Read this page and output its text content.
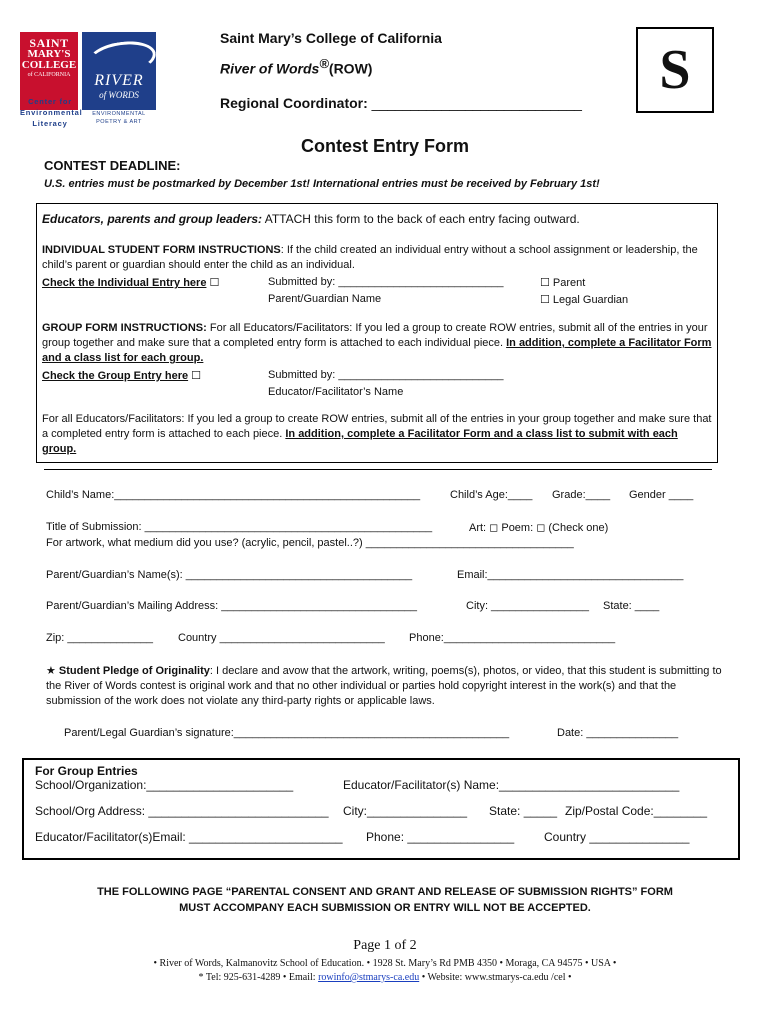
SAINT
MARY'S
COLLEGE
of CALIFORNIA
Center for
Environmental
Literacy
RIVER
of WORDS
ENVIRONMENTAL
POETRY & ART
Saint Mary’s College of California
River of Words®(ROW)
Regional Coordinator: ___________________________
S
Contest Entry Form
CONTEST DEADLINE:
U.S. entries must be postmarked by December 1st! International entries must be received by February 1st!
Educators, parents and group leaders: ATTACH this form to the back of each entry facing outward.
INDIVIDUAL STUDENT FORM INSTRUCTIONS: If the child created an individual entry without a school assignment or leadership, the child’s parent or guardian should enter the child as an individual.
Check the Individual Entry here ☐	Submitted by: ___________________________
Parent/Guardian Name
☐ Parent
☐ Legal Guardian
GROUP FORM INSTRUCTIONS: For all Educators/Facilitators: If you led a group to create ROW entries, submit all of the entries in your group together and make sure that a completed entry form is attached to each individual piece. In addition, complete a Facilitator Form and a class list for each group.
Check the Group Entry here ☐	Submitted by: ___________________________
Educator/Facilitator’s Name
For all Educators/Facilitators: If you led a group to create ROW entries, submit all of the entries in your group together and make sure that a completed entry form is attached to each piece. In addition, complete a Facilitator Form and a class list to submit with each group.
Child’s Name:__________________________________________________	Child’s Age:____ Grade:____ Gender ____
Title of Submission: _______________________________________________	Art: ◻ Poem: ◻ (Check one)
For artwork, what medium did you use? (acrylic, pencil, pastel..?) __________________________________
Parent/Guardian’s Name(s): _____________________________________	Email:________________________________
Parent/Guardian’s Mailing Address: ________________________________	City: ________________ State: ____
Zip: ______________ Country ___________________________ Phone:____________________________
★ Student Pledge of Originality: I declare and avow that the artwork, writing, poems(s), photos, or video, that this student is submitting to the River of Words contest is original work and that no other individual or parties hold copyright interest in the work(s) and that the submission of the work does not violate any third-party rights or applicable laws.
Parent/Legal Guardian’s signature:_____________________________________________	Date: _______________
For Group Entries
School/Organization:______________________	Educator/Facilitator(s) Name:___________________________
School/Org Address: ___________________________ City:_______________ State: _____ Zip/Postal Code:________
Educator/Facilitator(s)Email: _______________________ Phone: ________________ Country _______________
THE FOLLOWING PAGE “PARENTAL CONSENT AND GRANT AND RELEASE OF SUBMISSION RIGHTS” FORM
MUST ACCOMPANY EACH SUBMISSION OR ENTRY WILL NOT BE ACCEPTED.
Page 1 of 2
• River of Words, Kalmanovitz School of Education. • 1928 St. Mary’s Rd PMB 4350 • Moraga, CA 94575 • USA •
* Tel: 925-631-4289 • Email: rowinfo@stmarys-ca.edu • Website: www.stmarys-ca.edu /cel •
